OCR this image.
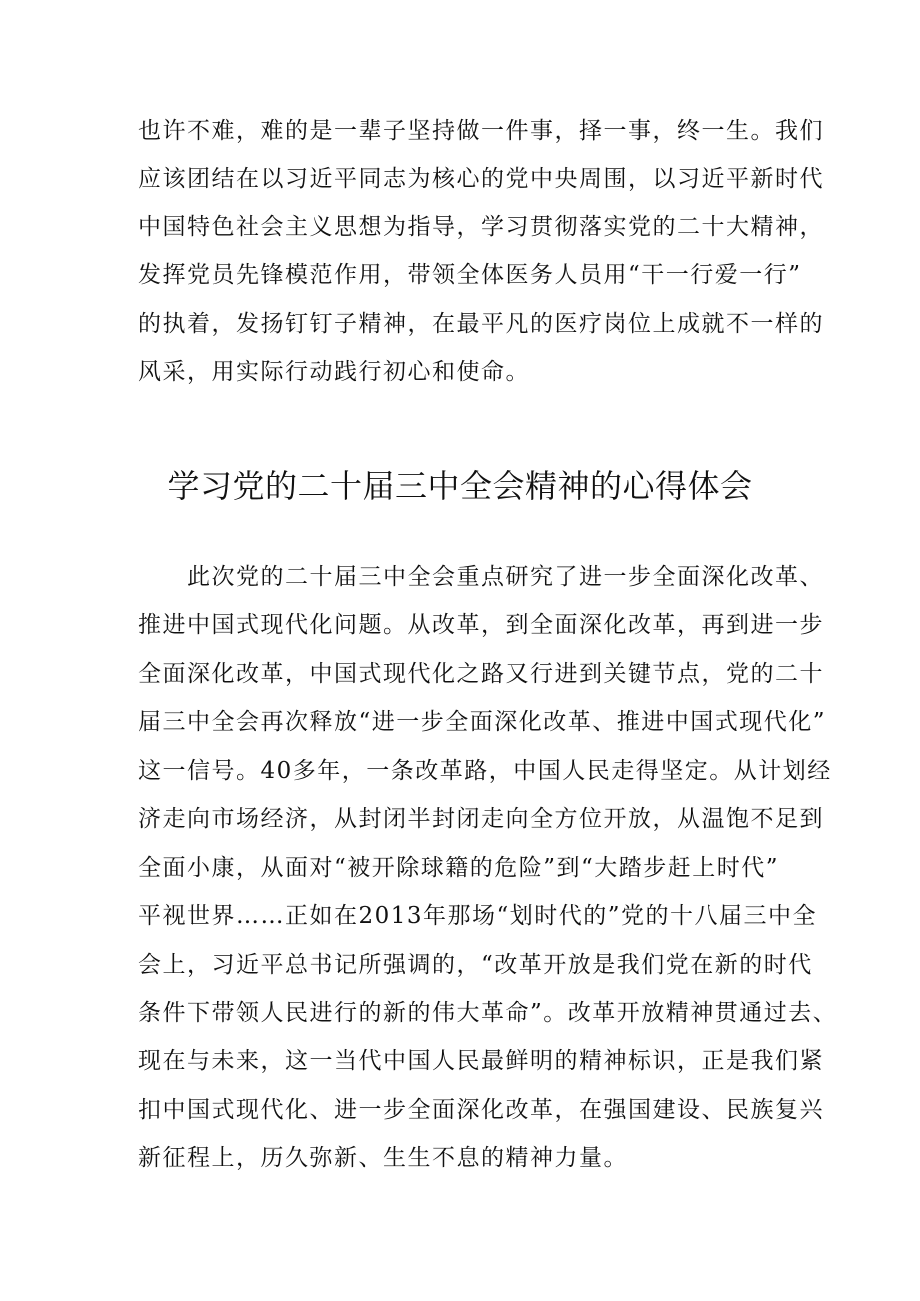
也许不难，难的是一辈子坚持做一件事，择一事，终一生。我们
应该团结在以习近平同志为核心的党中央周围，以习近平新时代
中国特色社会主义思想为指导，学习贯彻落实党的二十大精神，
发挥党员先锋模范作用，带领全体医务人员用“干一行爱一行”
的执着，发扬钉钉子精神，在最平凡的医疗岗位上成就不一样的
风采，用实际行动践行初心和使命。
学习党的二十届三中全会精神的心得体会
　　此次党的二十届三中全会重点研究了进一步全面深化改革、
推进中国式现代化问题。从改革，到全面深化改革，再到进一步
全面深化改革，中国式现代化之路又行进到关键节点，党的二十
届三中全会再次释放“进一步全面深化改革、推进中国式现代化”
这一信号。40多年，一条改革路，中国人民走得坚定。从计划经
济走向市场经济，从封闭半封闭走向全方位开放，从温饱不足到
全面小康，从面对“被开除球籍的危险”到“大踏步赶上时代”
平视世界……正如在2013年那场“划时代的”党的十八届三中全
会上，习近平总书记所强调的，“改革开放是我们党在新的时代
条件下带领人民进行的新的伟大革命”。改革开放精神贯通过去、
现在与未来，这一当代中国人民最鲜明的精神标识，正是我们紧
扣中国式现代化、进一步全面深化改革，在强国建设、民族复兴
新征程上，历久弥新、生生不息的精神力量。
